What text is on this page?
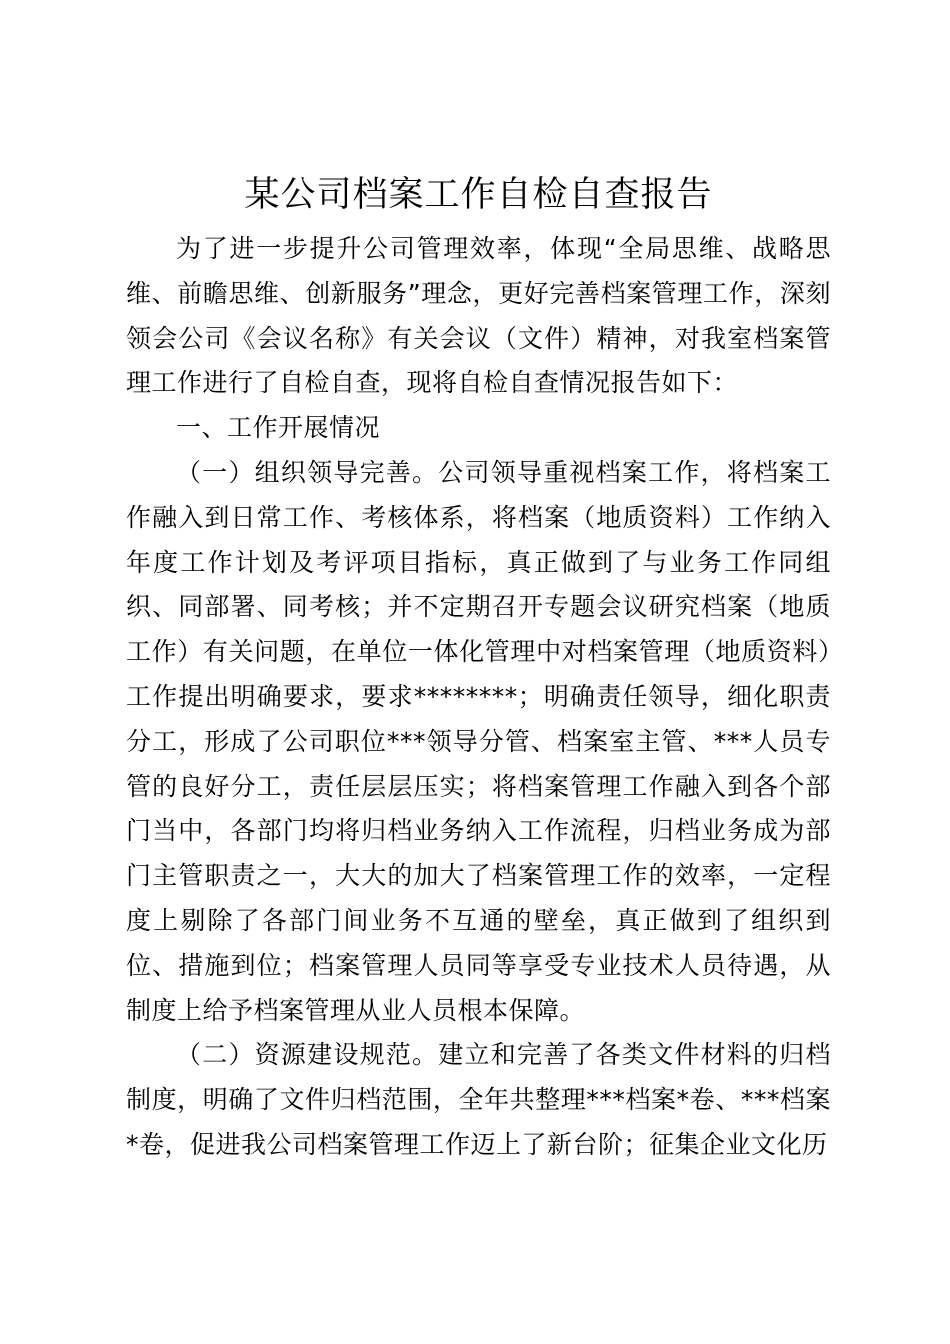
某公司档案工作自检自查报告

为了进一步提升公司管理效率，体现“全局思维、战略思维、前瞻思维、创新服务”理念，更好完善档案管理工作，深刻领会公司《会议名称》有关会议（文件）精神，对我室档案管理工作进行了自检自查，现将自检自查情况报告如下：

一、工作开展情况

（一）组织领导完善。公司领导重视档案工作，将档案工作融入到日常工作、考核体系，将档案（地质资料）工作纳入年度工作计划及考评项目指标，真正做到了与业务工作同组织、同部署、同考核；并不定期召开专题会议研究档案（地质工作）有关问题，在单位一体化管理中对档案管理（地质资料）工作提出明确要求，要求********；明确责任领导，细化职责分工，形成了公司职位***领导分管、档案室主管、***人员专管的良好分工，责任层层压实；将档案管理工作融入到各个部门当中，各部门均将归档业务纳入工作流程，归档业务成为部门主管职责之一，大大的加大了档案管理工作的效率，一定程度上剔除了各部门间业务不互通的壁垒，真正做到了组织到位、措施到位；档案管理人员同等享受专业技术人员待遇，从制度上给予档案管理从业人员根本保障。

（二）资源建设规范。建立和完善了各类文件材料的归档制度，明确了文件归档范围，全年共整理***档案*卷、***档案*卷，促进我公司档案管理工作迈上了新台阶；征集企业文化历
